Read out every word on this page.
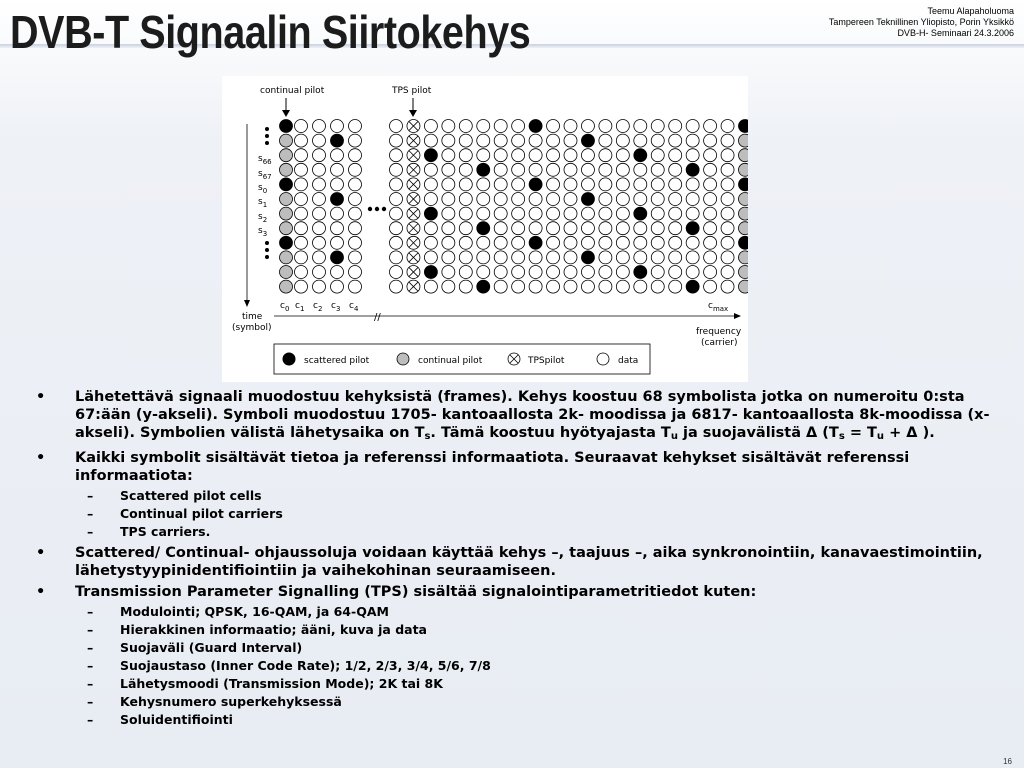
DVB-T Signaalin Siirtokehys	Teemu Alapaholuoma
Tampereen Teknillinen Yliopisto, Porin Yksikkö
DVB-H- Seminaari 24.3.2006
continual pilot	TPS pilot
$s_{66}$
$s_{67}$
$s_0$
$s_1$
$s_2$
$s_3$
$c_0$ $c_1$ $c_2$ $c_3$ $c_4$	$c_{max}$
time
(symbol)
//
frequency
(carrier)
scattered pilot	continual pilot	TPSpilot	data
• Lähetettävä signaali muodostuu kehyksistä (frames). Kehys koostuu 68 symbolista jotka on numeroitu 0:sta 67:ään (y-akseli). Symboli muodostuu 1705- kantoaallosta 2k- moodissa ja 6817- kantoaallosta 8k-moodissa (x-akseli). Symbolien välistä lähetysaika on $T_s$. Tämä koostuu hyötyajasta $T_u$ ja suojavälistä Δ ($T_s = T_u + \Delta$ ).
• Kaikki symbolit sisältävät tietoa ja referenssi informaatiota. Seuraavat kehykset sisältävät referenssi informaatiota:
– Scattered pilot cells
– Continual pilot carriers
– TPS carriers.
• Scattered/ Continual- ohjaussoluja voidaan käyttää kehys –, taajuus –, aika synkronointiin, kanavaestimointiin, lähetystyypinidentifiointiin ja vaihekohinan seuraamiseen.
• Transmission Parameter Signalling (TPS) sisältää signalointiparametritiedot kuten:
– Modulointi; QPSK, 16-QAM, ja 64-QAM
– Hierakkinen informaatio; ääni, kuva ja data
– Suojaväli (Guard Interval)
– Suojaustaso (Inner Code Rate); 1/2, 2/3, 3/4, 5/6, 7/8
– Lähetysmoodi (Transmission Mode); 2K tai 8K
– Kehysnumero superkehyksessä
– Soluidentifiointi
16
